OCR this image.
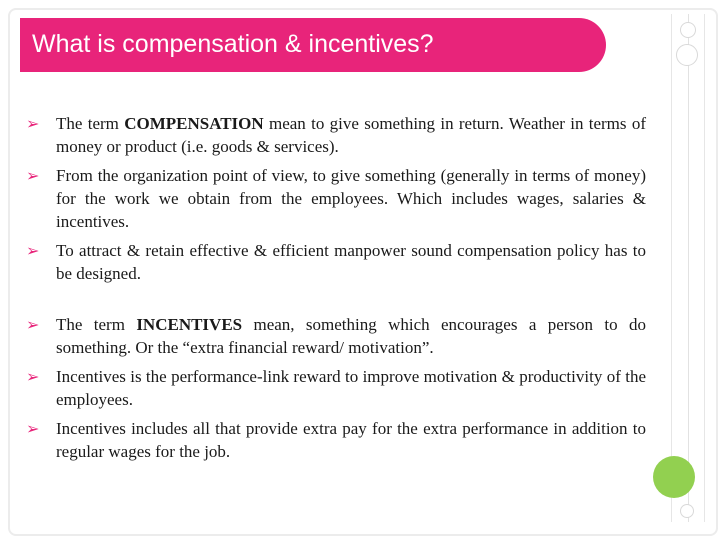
What is compensation & incentives?
➢ The term COMPENSATION mean to give something in return. Weather in terms of money or product (i.e. goods & services).
➢ From the organization point of view, to give something (generally in terms of money) for the work we obtain from the employees. Which includes wages, salaries & incentives.
➢ To attract & retain effective & efficient manpower sound compensation policy has to be designed.
➢ The term INCENTIVES mean, something which encourages a person to do something. Or the “extra financial reward/ motivation”.
➢ Incentives is the performance-link reward to improve motivation & productivity of the employees.
➢ Incentives includes all that provide extra pay for the extra performance in addition to regular wages for the job.
